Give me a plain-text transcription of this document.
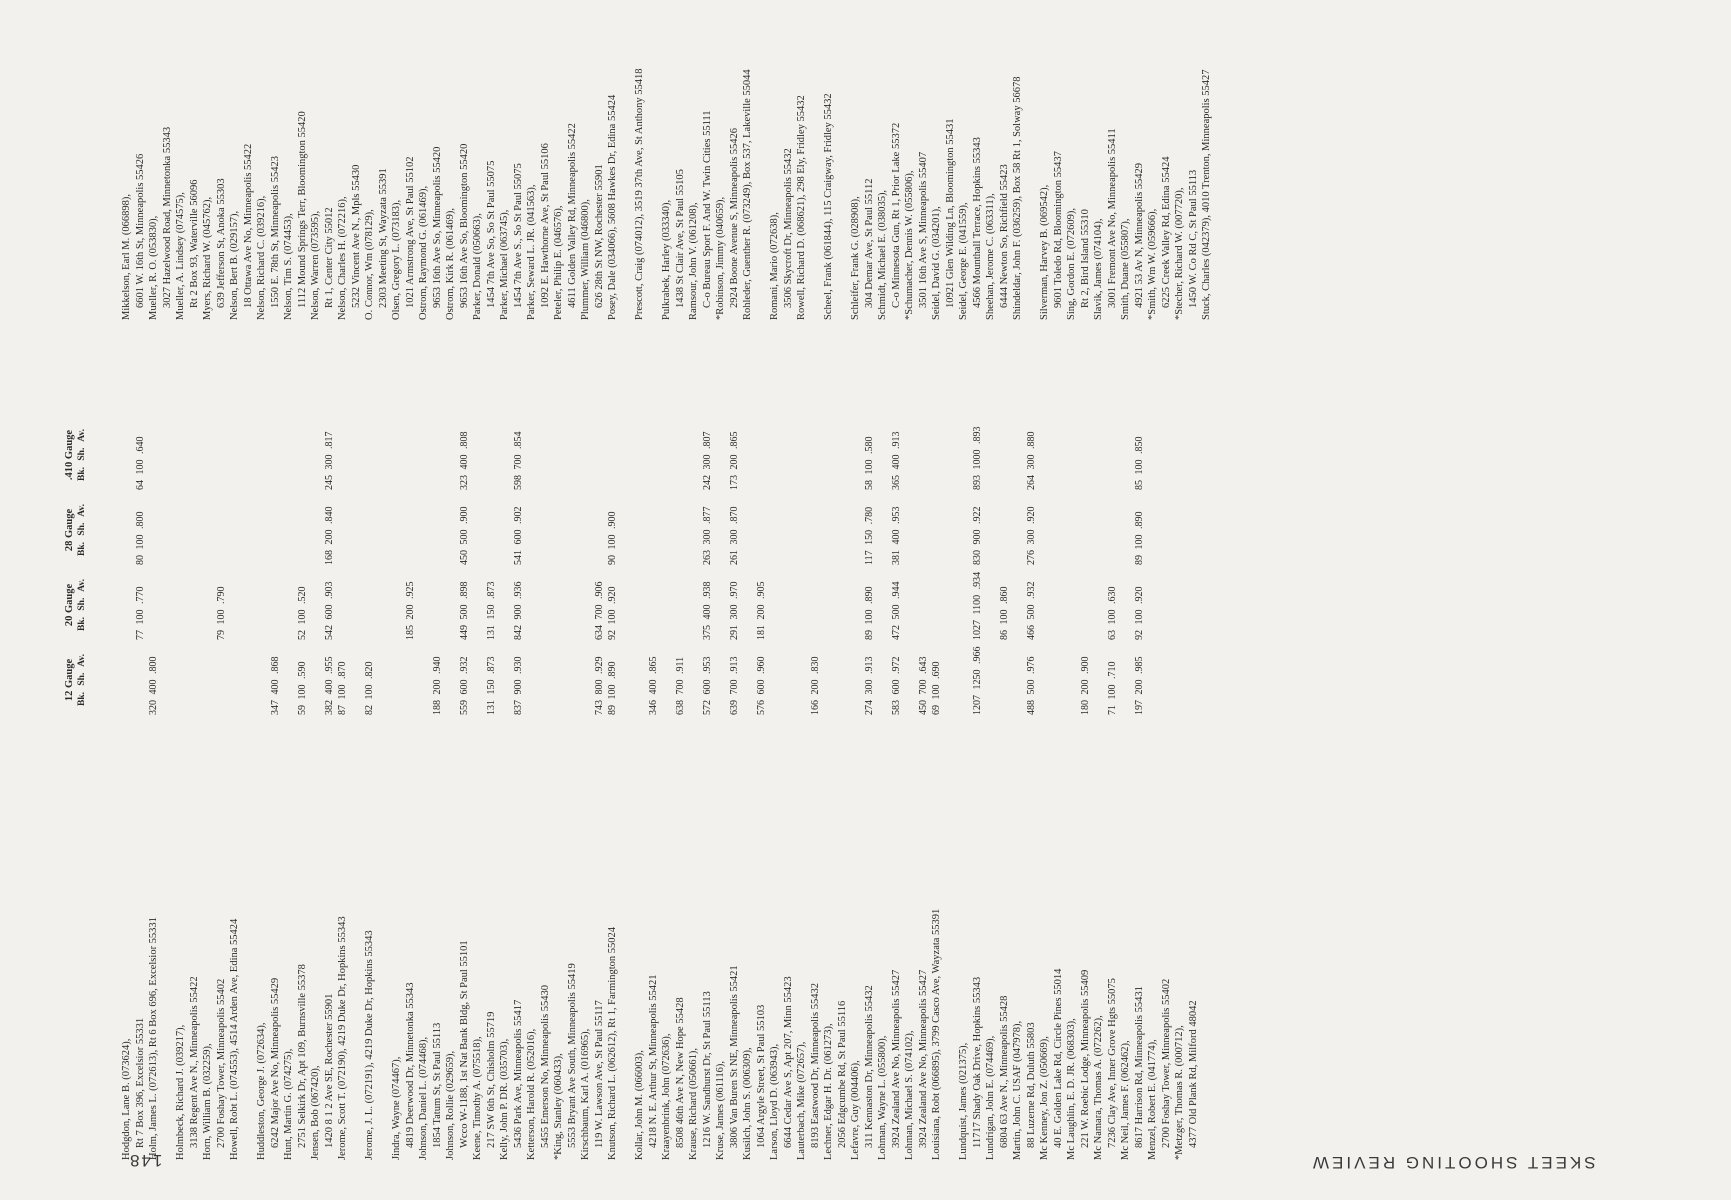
148	SKEET SHOOTING REVIEW
12 Gauge Bk. Sh. Av.
20 Gauge Bk. Sh. Av.
28 Gauge Bk. Sh. Av.
.410 Gauge Bk. Sh. Av.
Hodgdon, Lane B. (073624), Rt 7 Box 396, Excelsior 55331
77 100 .770
80 100 .800
64 100 .640
Holm, James L. (072613), Rt 6 Box 696, Excelsior 55331
320 400 .800
Holmbeck, Richard J. (039217), 3138 Regent Ave N., Minneapolis 55422 Horn, William B. (032259), 2700 Foshay Tower, Minneapolis 55402
79 100 .790
Howell, Robt L. (074553), 4514 Arden Ave, Edina 55424 Huddleston, George J. (072634), 6242 Major Ave No, Minneapolis 55429
347 400 .868
Hunt, Martin G. (074275), 2751 Selkirk Dr, Apt 109, Burnsville 55378
59 100 .590
52 100 .520
Jensen, Bob (067420), 1420 8 1 2 Ave SE, Rochester 55901
382 400 .955
542 600 .903
168 200 .840
245 300 .817
Jerome, Scott T. (072190), 4219 Duke Dr, Hopkins 55343
87 100 .870
Jerome, J. L. (072191), 4219 Duke Dr, Hopkins 55343
82 100 .820
Jindra, Wayne (074467), 4819 Deerwood Dr, Minnetonka 55343
185 200 .925
Johnson, Daniel L. (074468), 1854 Tatum St, St Paul 55113
188 200 .940
Johnson, Rollie (029659), Wcco W-1188, 1st Nat Bank Bldg, St Paul 55101
559 600 .932
449 500 .898
450 500 .900
323 400 .808
Keene, Timothy A. (075518), 217 SW 6th St, Chisholm 55719
131 150 .873
131 150 .873
Kelly, John P. DR. (035703), 5436 Park Ave, Minneapolis 55417
837 900 .930
842 900 .936
541 600 .902
598 700 .854
Ketterson, Harold R. (052016), 5455 Emerson No, Minneapolis 55430 *King, Stanley (060433), 5553 Bryant Ave South, Minneapolis 55419 Kirschbaum, Karl A. (016965), 119 W. Lawson Ave, St Paul 55117
743 800 .929
634 700 .906
Knutson, Richard L. (062612), Rt 1, Farmington 55024
89 100 .890
92 100 .920
90 100 .900
Kollar, John M. (066003), 4218 N. E. Arthur St, Minneapolis 55421
346 400 .865
Kraayenbrink, John (072636), 8508 46th Ave N, New Hope 55428
638 700 .911
Krause, Richard (050661), 1216 W. Sandhurst Dr, St Paul 55113
572 600 .953
375 400 .938
263 300 .877
242 300 .807
Kruse, James (061116), 3806 Van Buren St NE, Minneapolis 55421
639 700 .913
291 300 .970
261 300 .870
173 200 .865
Kusilch, John S. (006309), 1064 Argyle Street, St Paul 55103
576 600 .960
181 200 .905
Larson, Lloyd D. (063943), 6644 Cedar Ave S, Apt 207, Minn 55423 Lauterbach, Mike (072657), 8193 Eastwood Dr, Minneapolis 55432
166 200 .830
Lechner, Edgar H. Dr. (061273), 2056 Edgcumbe Rd, St Paul 55116 Lefavre, Guy (004406), 311 Kennaston Dr, Minneapolis 55432
274 300 .913
89 100 .890
117 150 .780
58 100 .580
Lohman, Wayne L. (055800), 3924 Zealand Ave No, Minneapolis 55427
583 600 .972
472 500 .944
381 400 .953
365 400 .913
Lohman, Michael S. (074102), 3924 Zealand Ave No, Minneapolis 55427
450 700 .643
Louisiana, Robt (066895), 3799 Casco Ave, Wayzata 55391
69 100 .690
Lundquist, James (021375), 11717 Shady Oak Drive, Hopkins 55343
1207 1250 .966
1027 1100 .934
830 900 .922
893 1000 .893
Lundrigan, John E. (074469), 6804 63 Ave N., Minneapolis 55428
86 100 .860
Martin, John C. USAF (047978), 88 Luzerne Rd, Duluth 55803
488 500 .976
466 500 .932
276 300 .920
264 300 .880
Mc Kenney, Jon Z. (050669), 40 E. Golden Lake Rd, Circle Pines 55014 Mc Laughlin, E. D. JR. (068303), 221 W. Roebic Lodge, Minneapolis 55409
180 200 .900
Mc Namara, Thomas A. (072262), 7236 Clay Ave, Inner Grove Hgts 55075
71 100 .710
63 100 .630
Mc Neil, James F. (062462), 8617 Harrison Rd, Minneapolis 55431
197 200 .985
92 100 .920
89 100 .890
85 100 .850
Menzel, Robert E. (041774), 2700 Foshay Tower, Minneapolis 55402 *Metzger, Thomas R. (000712), 4377 Old Plank Rd, Milford 48042
Mikkelson, Earl M. (066898), 6601 W. 16th St, Minneapolis 55426 Mueller, R. O. (053830), 3027 Hazelwood Road, Minnetonka 55343 Mueller, A. Lindsey (074575), Rt 2 Box 93, Waterville 56096 Myers, Richard W. (045762), 639 Jefferson St, Anoka 55303 Nelson, Bert B. (029157), 18 Ottawa Ave No, Minneapolis 55422 Nelson, Richard C. (039216), 1550 E. 78th St, Minneapolis 55423 Nelson, Tim S. (074453), 1112 Mound Springs Terr, Bloomington 55420 Nelson, Warren (073595), Rt 1, Center City 55012 Nelson, Charles H. (072216), 5232 Vincent Ave N., Mpls 55430 O. Connor, Wm (078129), 2303 Meeting St, Wayzata 55391 Olsen, Gregory L. (073183), 1021 Armstrong Ave, St Paul 55102 Ostrom, Raymond G. (061469), 9653 16th Ave So, Minneapolis 55420 Ostrom, Kirk R. (061469), 9653 16th Ave So, Bloomington 55420 Parker, Donald (050663), 1454 7th Ave So, So St Paul 55075 Parker, Michael (063745), 1454 7th Ave S., So St Paul 55075 Parker, Seward L. JR. (041563), 1092 E. Hawthorne Ave, St Paul 55106 Peteler, Philip E. (046576), 4611 Golden Valley Rd, Minneapolis 55422 Plummer, William (046800), 626 28th St NW, Rochester 55901 Posey, Dale (034066), 5608 Hawkes Dr, Edina 55424 Prescott, Craig (074012), 3519 37th Ave, St Anthony 55418 Pulkrabek, Harley (033340), 1438 St Clair Ave, St Paul 55105 Ramsour, John V. (061208), C-o Bureau Sport F. And W. Twin Cities 55111 *Robinson, Jimmy (040659), 2924 Boone Avenue S, Minneapolis 55426 Rohleder, Guenther R. (073249), Box 537, Lakeville 55044 Romani, Mario (072638), 3506 Skycroft Dr, Minneapolis 55432 Rowell, Richard D. (068621), 298 Ely, Fridley 55432 Scheel, Frank (061844), 115 Craigway, Fridley 55432 Schleifer, Frank G. (028908), 304 Demar Ave, St Paul 55112 Schmidt, Michael E. (038035), C-o Minnesota Gun, Rt 1, Prior Lake 55372 *Schumacher, Dennis W. (055806), 3501 16th Ave S, Minneapolis 55407 Seidel, David G. (034201), 10921 Glen Wilding Ln, Bloomington 55431 Seidel, George E. (041559), 4566 Mounthall Terrace, Hopkins 55343 Sheehan, Jerome C. (063311), 6444 Newton So, Richfield 55423 Shindeldar, John F. (036259), Box 58 Rt 1, Solway 56678 Silverman, Harvey B. (069542), 9601 Toledo Rd, Bloomington 55437 Sing, Gordon E. (072609), Rt 2, Bird Island 55310 Slavik, James (074104), 3001 Fremont Ave No, Minneapolis 55411 Smith, Duane (055807), 4921 53 Av N, Minneapolis 55429 *Smith, Wm W. (059666), 6225 Creek Valley Rd, Edina 55424 *Stecher, Richard W. (007720), 1450 W. Co Rd C, St Paul 55113 Stuck, Charles (042379), 4010 Trenton, Minneapolis 55427
